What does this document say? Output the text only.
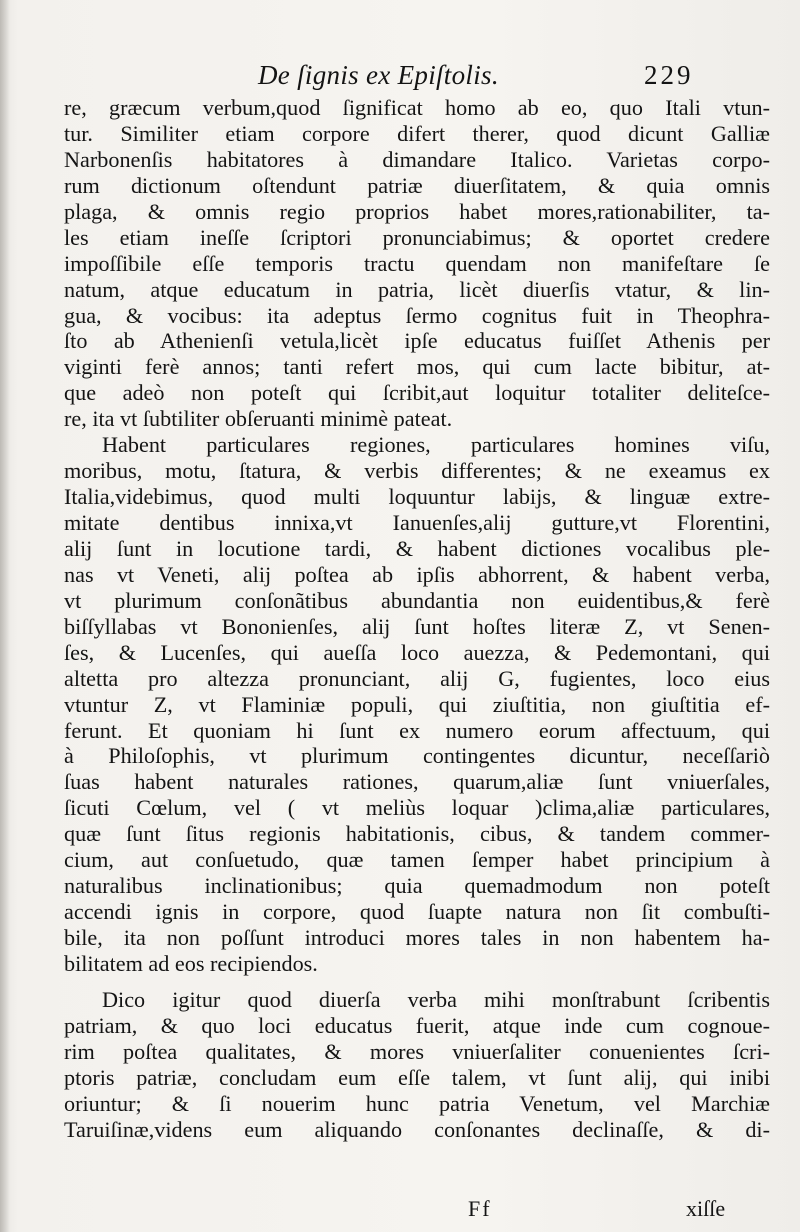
De ſignis ex Epiſtolis.	229
re, græcum verbum,quod ſignificat homo ab eo, quo Itali vtun-
tur. Similiter etiam corpore difert therer, quod dicunt Galliæ
Narbonenſis habitatores à dimandare Italico. Varietas corpo-
rum dictionum oſtendunt patriæ diuerſitatem, & quia omnis
plaga, & omnis regio proprios habet mores,rationabiliter, ta-
les etiam ineſſe ſcriptori pronunciabimus; & oportet credere
impoſſibile eſſe temporis tractu quendam non manifeſtare ſe
natum, atque educatum in patria, licèt diuerſis vtatur, & lin-
gua, & vocibus: ita adeptus ſermo cognitus fuit in Theophra-
ſto ab Athenienſi vetula,licèt ipſe educatus fuiſſet Athenis per
viginti ferè annos; tanti refert mos, qui cum lacte bibitur, at-
que adeò non poteſt qui ſcribit,aut loquitur totaliter deliteſce-
re, ita vt ſubtiliter obſeruanti minimè pateat.
Habent particulares regiones, particulares homines viſu,
moribus, motu, ſtatura, & verbis differentes; & ne exeamus ex
Italia,videbimus, quod multi loquuntur labijs, & linguæ extre-
mitate dentibus innixa,vt Ianuenſes,alij gutture,vt Florentini,
alij ſunt in locutione tardi, & habent dictiones vocalibus ple-
nas vt Veneti, alij poſtea ab ipſis abhorrent, & habent verba,
vt plurimum conſonãtibus abundantia non euidentibus,& ferè
biſſyllabas vt Bononienſes, alij ſunt hoſtes literæ Z, vt Senen-
ſes, & Lucenſes, qui aueſſa loco auezza, & Pedemontani, qui
altetta pro altezza pronunciant, alij G, fugientes, loco eius
vtuntur Z, vt Flaminiæ populi, qui ziuſtitia, non giuſtitia ef-
ferunt. Et quoniam hi ſunt ex numero eorum affectuum, qui
à Philoſophis, vt plurimum contingentes dicuntur, neceſſariò
ſuas habent naturales rationes, quarum,aliæ ſunt vniuerſales,
ſicuti Cœlum, vel ( vt meliùs loquar )clima,aliæ particulares,
quæ ſunt ſitus regionis habitationis, cibus, & tandem commer-
cium, aut conſuetudo, quæ tamen ſemper habet principium à
naturalibus inclinationibus; quia quemadmodum non poteſt
accendi ignis in corpore, quod ſuapte natura non ſit combuſti-
bile, ita non poſſunt introduci mores tales in non habentem ha-
bilitatem ad eos recipiendos.
Dico igitur quod diuerſa verba mihi monſtrabunt ſcribentis
patriam, & quo loci educatus fuerit, atque inde cum cognoue-
rim poſtea qualitates, & mores vniuerſaliter conuenientes ſcri-
ptoris patriæ, concludam eum eſſe talem, vt ſunt alij, qui inibi
oriuntur; & ſi nouerim hunc patria Venetum, vel Marchiæ
Taruiſinæ,videns eum aliquando conſonantes declinaſſe, & di-
Ff	xiſſe
